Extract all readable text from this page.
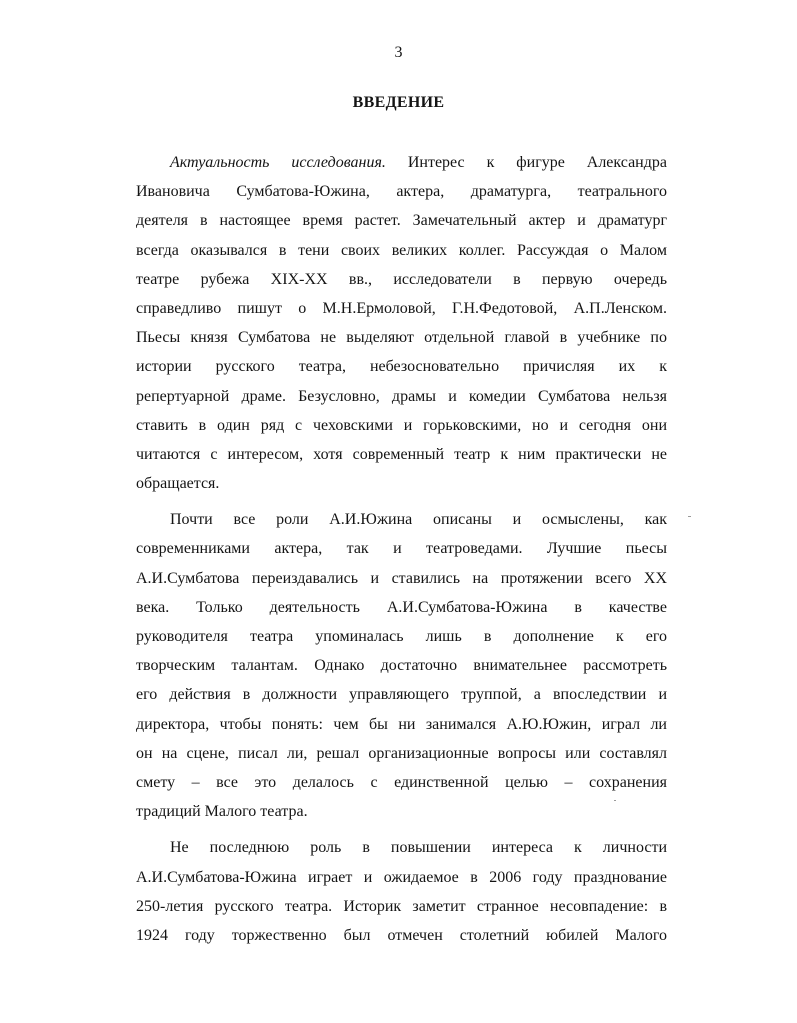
3
ВВЕДЕНИЕ
Актуальность исследования. Интерес к фигуре Александра
Ивановича Сумбатова-Южина, актера, драматурга, театрального
деятеля в настоящее время растет. Замечательный актер и драматург
всегда оказывался в тени своих великих коллег. Рассуждая о Малом
театре рубежа XIX-XX вв., исследователи в первую очередь
справедливо пишут о М.Н.Ермоловой, Г.Н.Федотовой, А.П.Ленском.
Пьесы князя Сумбатова не выделяют отдельной главой в учебнике по
истории русского театра, небезосновательно причисляя их к
репертуарной драме. Безусловно, драмы и комедии Сумбатова нельзя
ставить в один ряд с чеховскими и горьковскими, но и сегодня они
читаются с интересом, хотя современный театр к ним практически не
обращается.
Почти все роли А.И.Южина описаны и осмыслены, как
современниками актера, так и театроведами. Лучшие пьесы
А.И.Сумбатова переиздавались и ставились на протяжении всего XX
века. Только деятельность А.И.Сумбатова-Южина в качестве
руководителя театра упоминалась лишь в дополнение к его
творческим талантам. Однако достаточно внимательнее рассмотреть
его действия в должности управляющего труппой, а впоследствии и
директора, чтобы понять: чем бы ни занимался А.Ю.Южин, играл ли
он на сцене, писал ли, решал организационные вопросы или составлял
смету – все это делалось с единственной целью – сохранения
традиций Малого театра.
Не последнюю роль в повышении интереса к личности
А.И.Сумбатова-Южина играет и ожидаемое в 2006 году празднование
250-летия русского театра. Историк заметит странное несовпадение: в
1924 году торжественно был отмечен столетний юбилей Малого
